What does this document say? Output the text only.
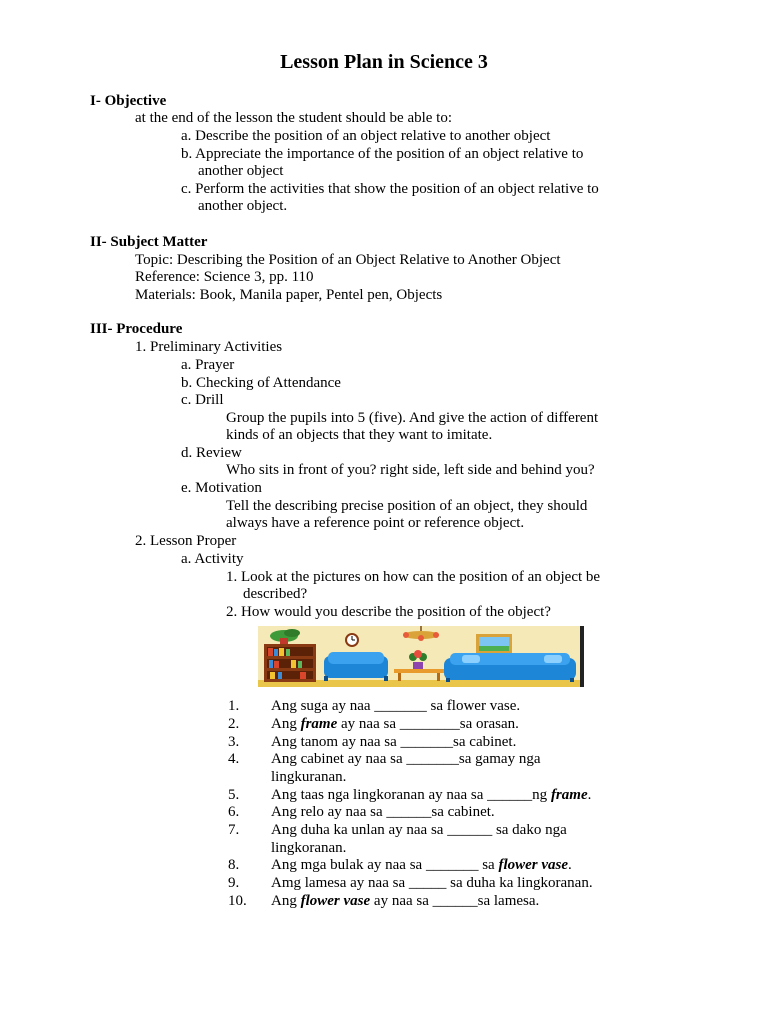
Lesson Plan in Science 3
I- Objective
at the end of the lesson the student should be able to:
a. Describe the position of an object relative to another object
b. Appreciate the importance of the position of an object relative to
another object
c. Perform the activities that show the position of an object relative to
another object.
II- Subject Matter
Topic: Describing the Position of an Object Relative to Another Object
Reference: Science 3, pp. 110
Materials: Book, Manila paper, Pentel pen, Objects
III- Procedure
1. Preliminary Activities
a. Prayer
b. Checking of Attendance
c. Drill
Group the pupils into 5 (five). And give the action of different
kinds of an objects that they want to imitate.
d. Review
Who sits in front of you? right side, left side and behind you?
e. Motivation
Tell the describing precise position of an object, they should
always have a reference point or reference object.
2. Lesson Proper
a. Activity
1. Look at the pictures on how can the position of an object be
described?
2. How would you describe the position of the object?
1. Ang suga ay naa _______ sa flower vase.
2. Ang frame ay naa sa ________sa orasan.
3. Ang tanom ay naa sa _______sa cabinet.
4. Ang cabinet ay naa sa _______sa gamay nga
lingkuranan.
5. Ang taas nga lingkoranan ay naa sa ______ng frame.
6. Ang relo ay naa sa ______sa cabinet.
7. Ang duha ka unlan ay naa sa ______ sa dako nga
lingkoranan.
8. Ang mga bulak ay naa sa _______ sa flower vase.
9. Amg lamesa ay naa sa _____ sa duha ka lingkoranan.
10. Ang flower vase ay naa sa ______sa lamesa.
